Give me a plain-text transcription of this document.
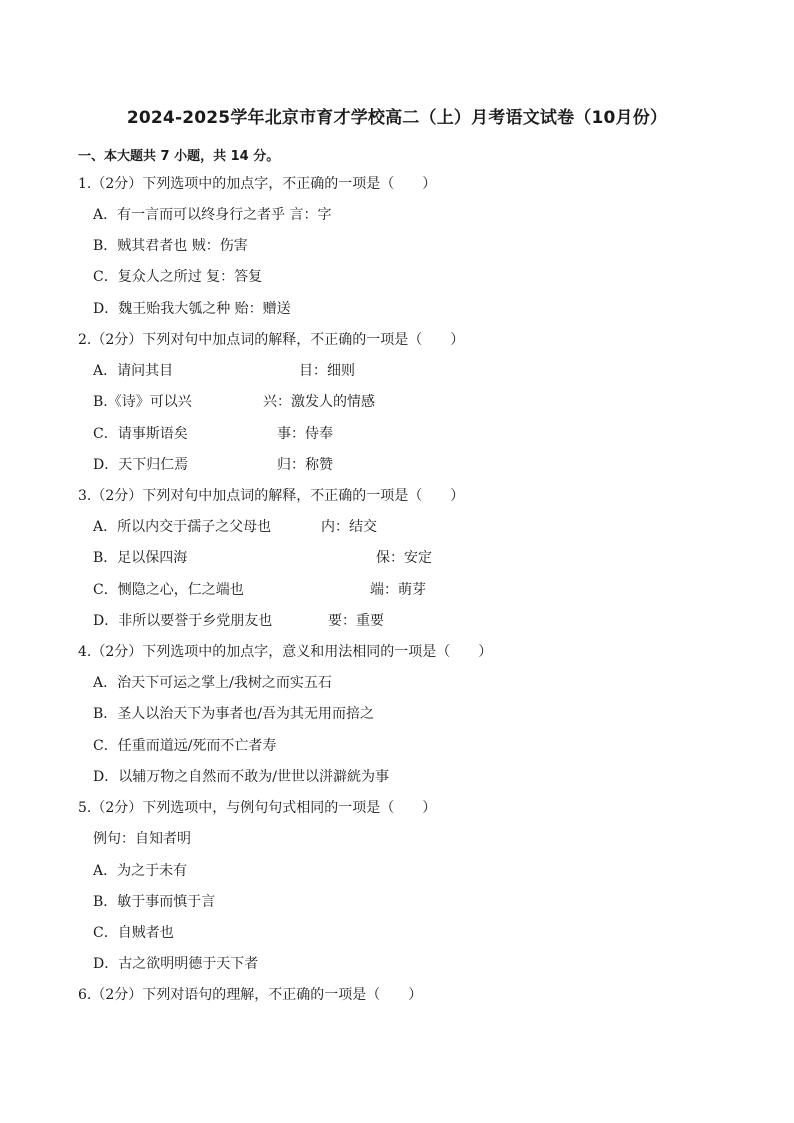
2024-2025学年北京市育才学校高二（上）月考语文试卷（10月份）
一、本大题共 7 小题，共 14 分。
1.（2分）下列选项中的加点字，不正确的一项是（　　）
A．有一言而可以终身行之者乎 言：字
B．贼其君者也 贼：伤害
C．复众人之所过 复：答复
D．魏王贻我大瓠之种 贻：赠送
2.（2分）下列对句中加点词的解释，不正确的一项是（　　）
A．请问其目	目：细则
B.《诗》可以兴	兴：激发人的情感
C．请事斯语矣	事：侍奉
D．天下归仁焉	归：称赞
3.（2分）下列对句中加点词的解释，不正确的一项是（　　）
A．所以内交于孺子之父母也	内：结交
B．足以保四海	保：安定
C．恻隐之心，仁之端也	端：萌芽
D．非所以要誉于乡党朋友也	要：重要
4.（2分）下列选项中的加点字，意义和用法相同的一项是（　　）
A．治天下可运之掌上/我树之而实五石
B．圣人以治天下为事者也/吾为其无用而掊之
C．任重而道远/死而不亡者寿
D．以辅万物之自然而不敢为/世世以洴澼絖为事
5.（2分）下列选项中，与例句句式相同的一项是（　　）
例句：自知者明
A．为之于未有
B．敏于事而慎于言
C．自贼者也
D．古之欲明明德于天下者
6.（2分）下列对语句的理解，不正确的一项是（　　）
